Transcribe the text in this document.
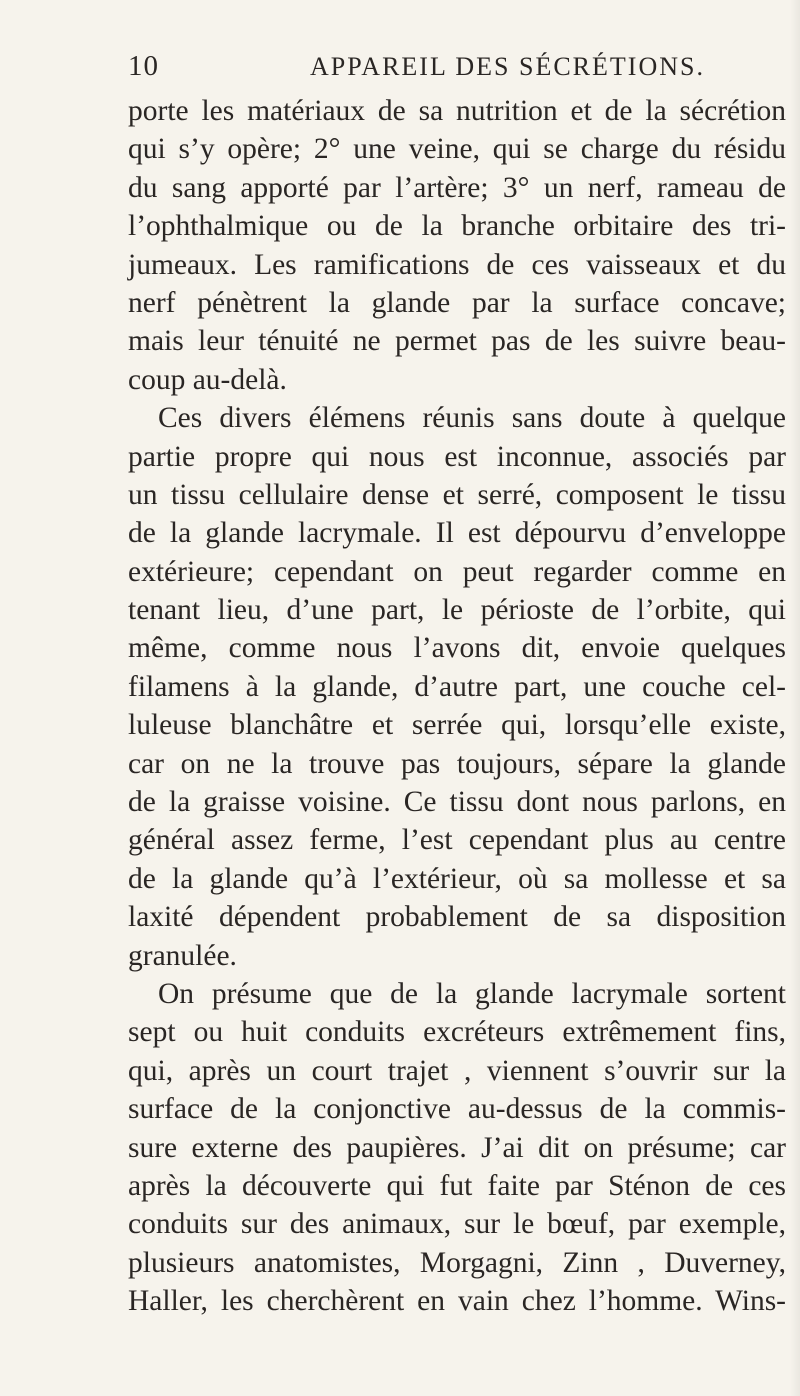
10	APPAREIL DES SÉCRÉTIONS.
porte les matériaux de sa nutrition et de la sécrétion
qui s’y opère; 2° une veine, qui se charge du résidu
du sang apporté par l’artère; 3° un nerf, rameau de
l’ophthalmique ou de la branche orbitaire des tri-
jumeaux. Les ramifications de ces vaisseaux et du
nerf pénètrent la glande par la surface concave;
mais leur ténuité ne permet pas de les suivre beau-
coup au-delà.
Ces divers élémens réunis sans doute à quelque
partie propre qui nous est inconnue, associés par
un tissu cellulaire dense et serré, composent le tissu
de la glande lacrymale. Il est dépourvu d’enveloppe
extérieure; cependant on peut regarder comme en
tenant lieu, d’une part, le périoste de l’orbite, qui
même, comme nous l’avons dit, envoie quelques
filamens à la glande, d’autre part, une couche cel-
luleuse blanchâtre et serrée qui, lorsqu’elle existe,
car on ne la trouve pas toujours, sépare la glande
de la graisse voisine. Ce tissu dont nous parlons, en
général assez ferme, l’est cependant plus au centre
de la glande qu’à l’extérieur, où sa mollesse et sa
laxité dépendent probablement de sa disposition
granulée.
On présume que de la glande lacrymale sortent
sept ou huit conduits excréteurs extrêmement fins,
qui, après un court trajet , viennent s’ouvrir sur la
surface de la conjonctive au-dessus de la commis-
sure externe des paupières. J’ai dit on présume; car
après la découverte qui fut faite par Sténon de ces
conduits sur des animaux, sur le bœuf, par exemple,
plusieurs anatomistes, Morgagni, Zinn , Duverney,
Haller, les cherchèrent en vain chez l’homme. Wins-
